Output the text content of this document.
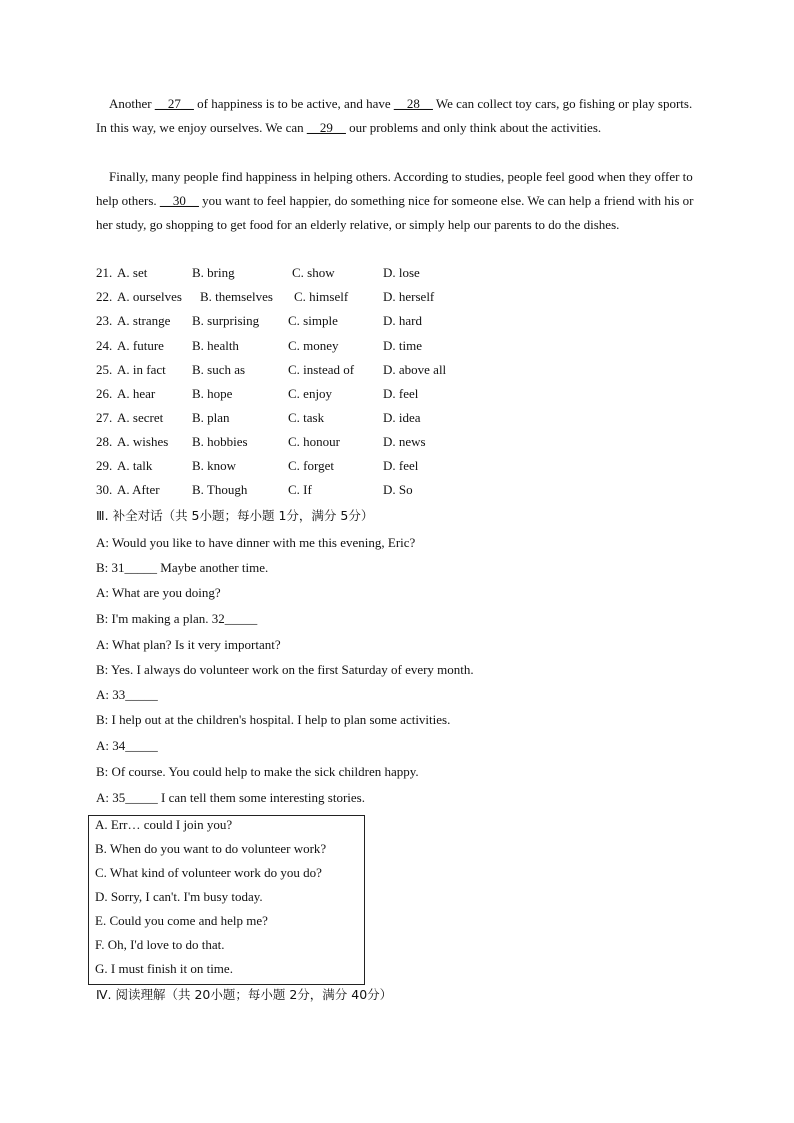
Another __27__ of happiness is to be active, and have __28__ We can collect toy cars, go fishing or play sports. In this way, we enjoy ourselves. We can __29__ our problems and only think about the activities.

Finally, many people find happiness in helping others. According to studies, people feel good when they offer to help others. __30__ you want to feel happier, do something nice for someone else. We can help a friend with his or her study, go shopping to get food for an elderly relative, or simply help our parents to do the dishes.

21. A. set	B. bring	C. show	D. lose
22. A. ourselves B. themselves C. himself	D. herself
23. A. strange B. surprising C. simple	D. hard
24. A. future B. health	C. money	D. time
25. A. in fact B. such as	C. instead of D. above all
26. A. hear	B. hope	C. enjoy	D. feel
27. A. secret B. plan	C. task	D. idea
28. A. wishes B. hobbies	C. honour	D. news
29. A. talk	B. know	C. forget	D. feel
30. A. After B. Though	C. If	D. So
Ⅲ. 补全对话（共 5小题；每小题 1分，满分 5分）
A: Would you like to have dinner with me this evening, Eric?
B: 31_____ Maybe another time.
A: What are you doing?
B: I'm making a plan. 32_____
A: What plan? Is it very important?
B: Yes. I always do volunteer work on the first Saturday of every month.
A: 33_____
B: I help out at the children's hospital. I help to plan some activities.
A: 34_____
B: Of course. You could help to make the sick children happy.
A: 35_____ I can tell them some interesting stories.
A. Err… could I join you?
B. When do you want to do volunteer work?
C. What kind of volunteer work do you do?
D. Sorry, I can't. I'm busy today.
E. Could you come and help me?
F. Oh, I'd love to do that.
G. I must finish it on time.
Ⅳ. 阅读理解（共 20小题；每小题 2分，满分 40分）
